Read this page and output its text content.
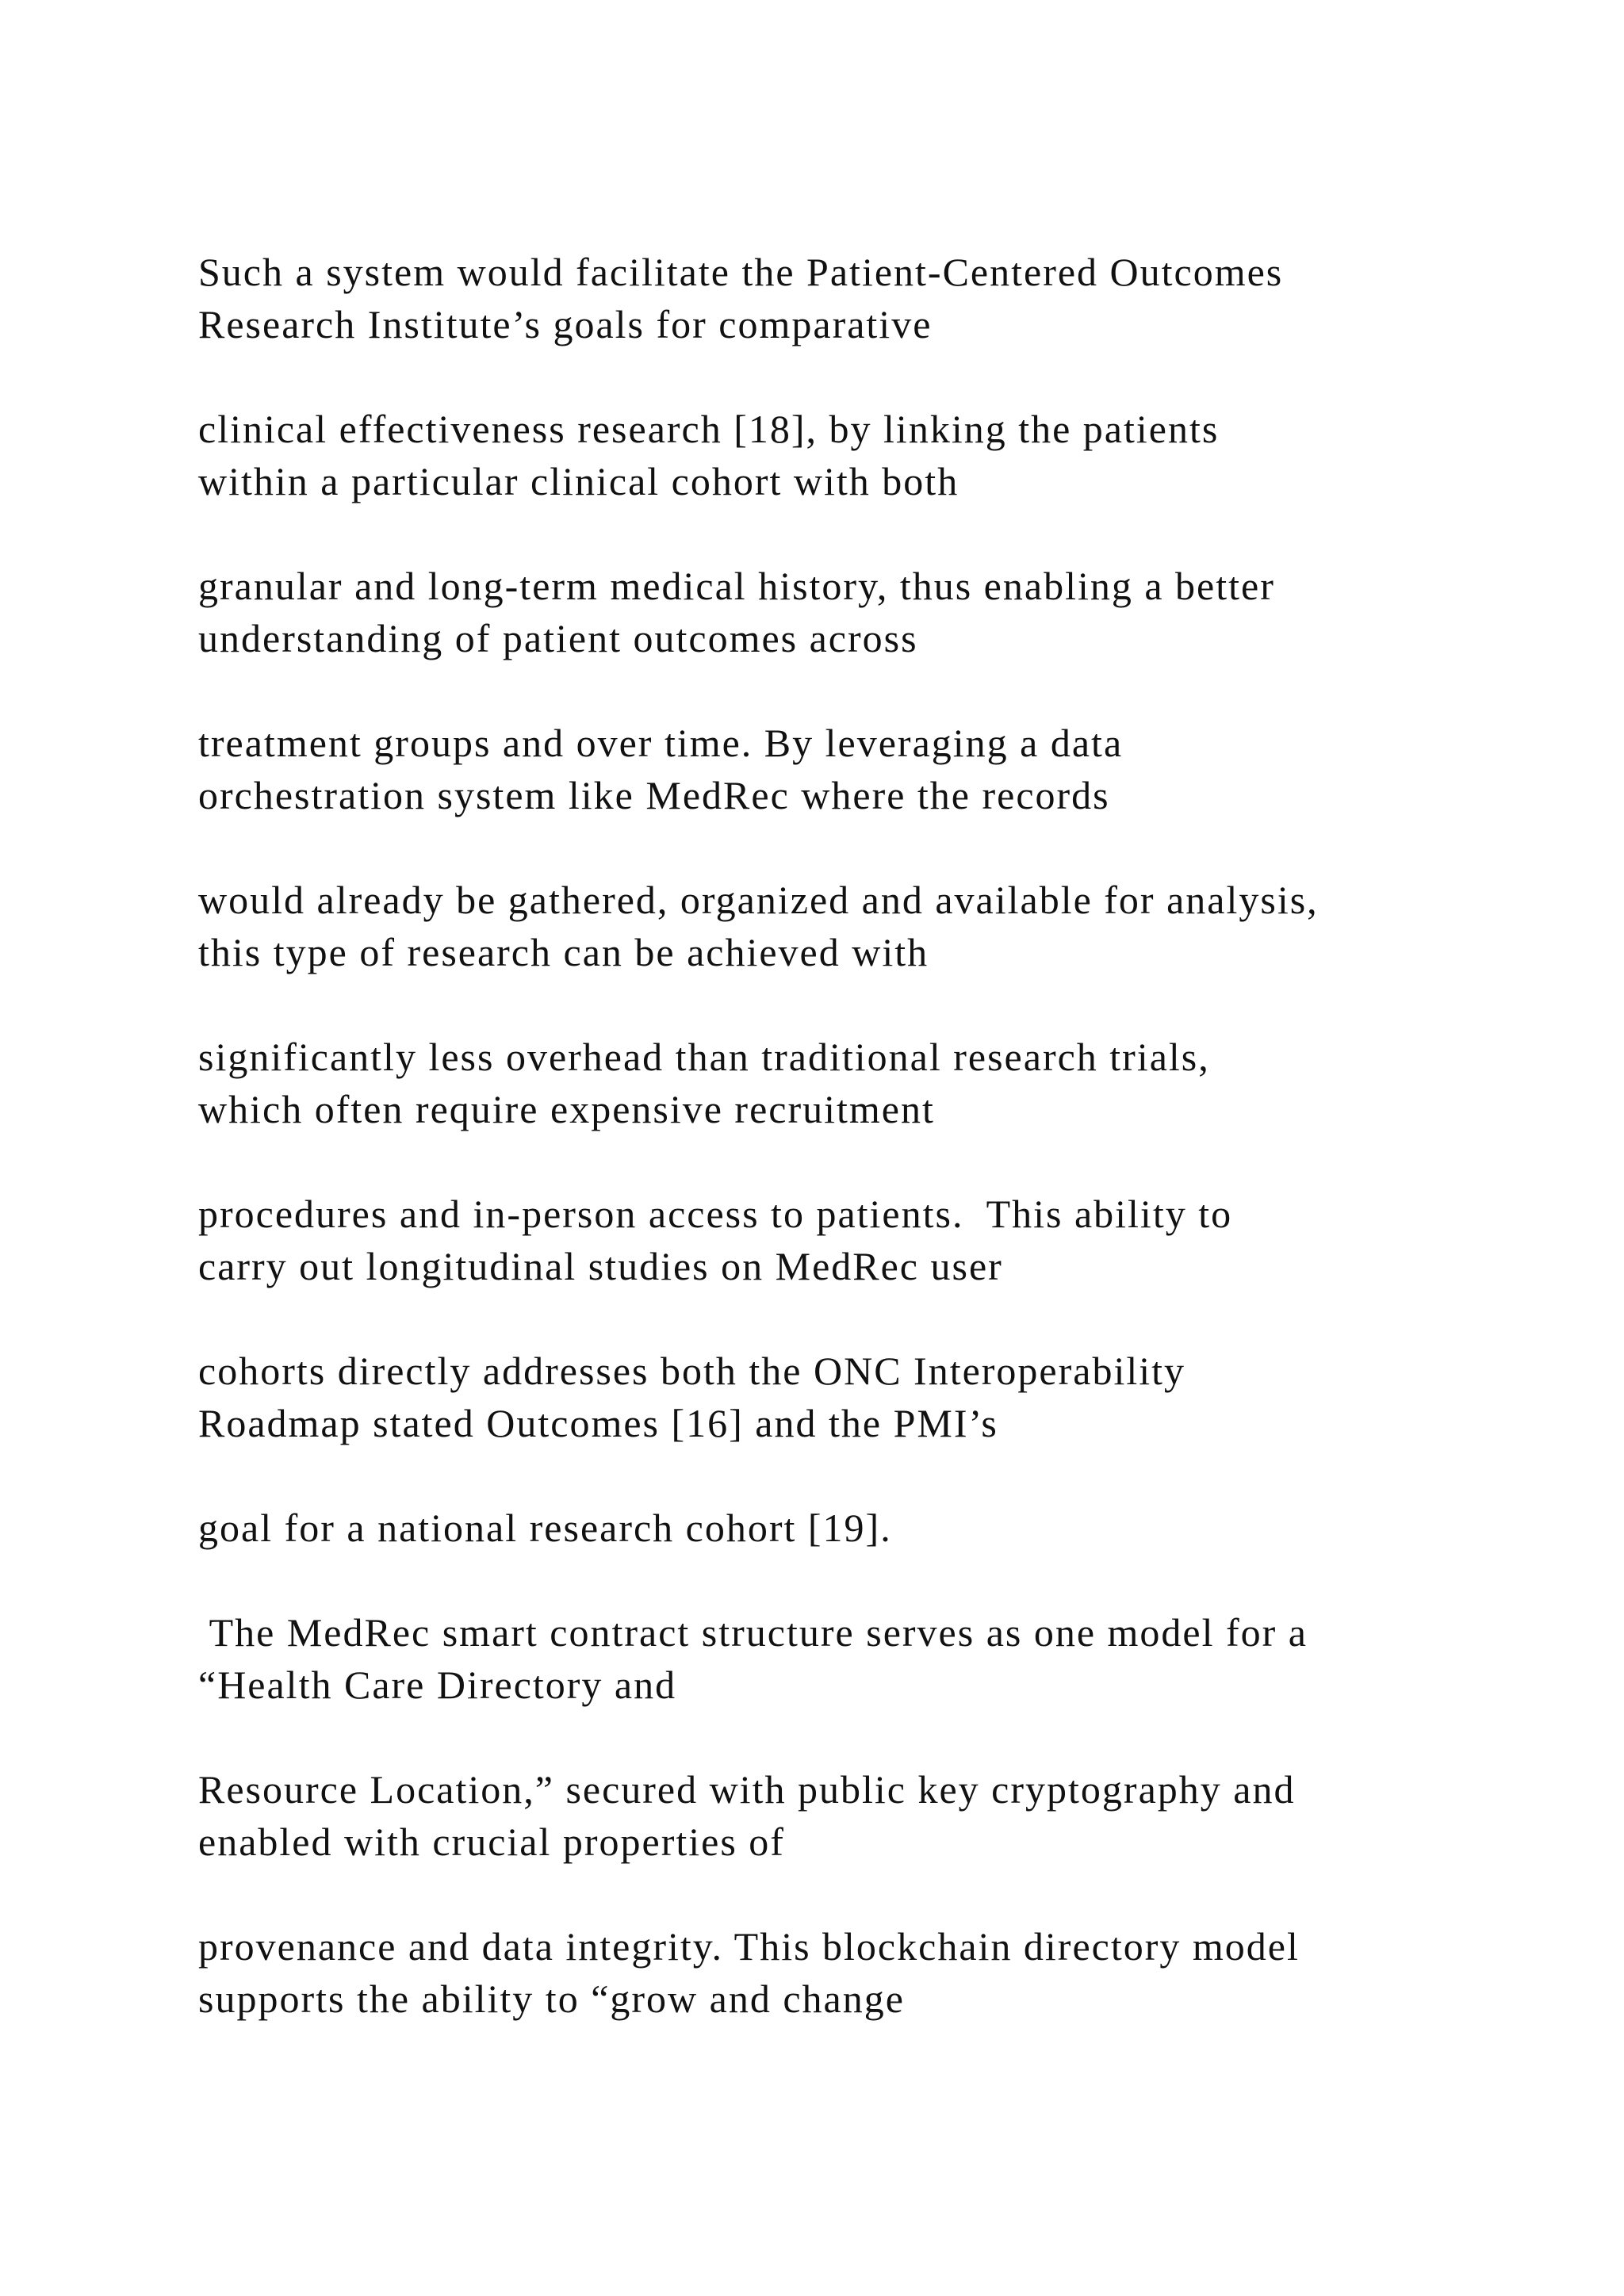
Such a system would facilitate the Patient-Centered Outcomes
Research Institute’s goals for comparative

clinical effectiveness research [18], by linking the patients
within a particular clinical cohort with both

granular and long-term medical history, thus enabling a better
understanding of patient outcomes across

treatment groups and over time. By leveraging a data
orchestration system like MedRec where the records

would already be gathered, organized and available for analysis,
this type of research can be achieved with

significantly less overhead than traditional research trials,
which often require expensive recruitment

procedures and in-person access to patients.  This ability to
carry out longitudinal studies on MedRec user

cohorts directly addresses both the ONC Interoperability
Roadmap stated Outcomes [16] and the PMI’s

goal for a national research cohort [19].

The MedRec smart contract structure serves as one model for a
“Health Care Directory and

Resource Location,” secured with public key cryptography and
enabled with crucial properties of

provenance and data integrity. This blockchain directory model
supports the ability to “grow and change
